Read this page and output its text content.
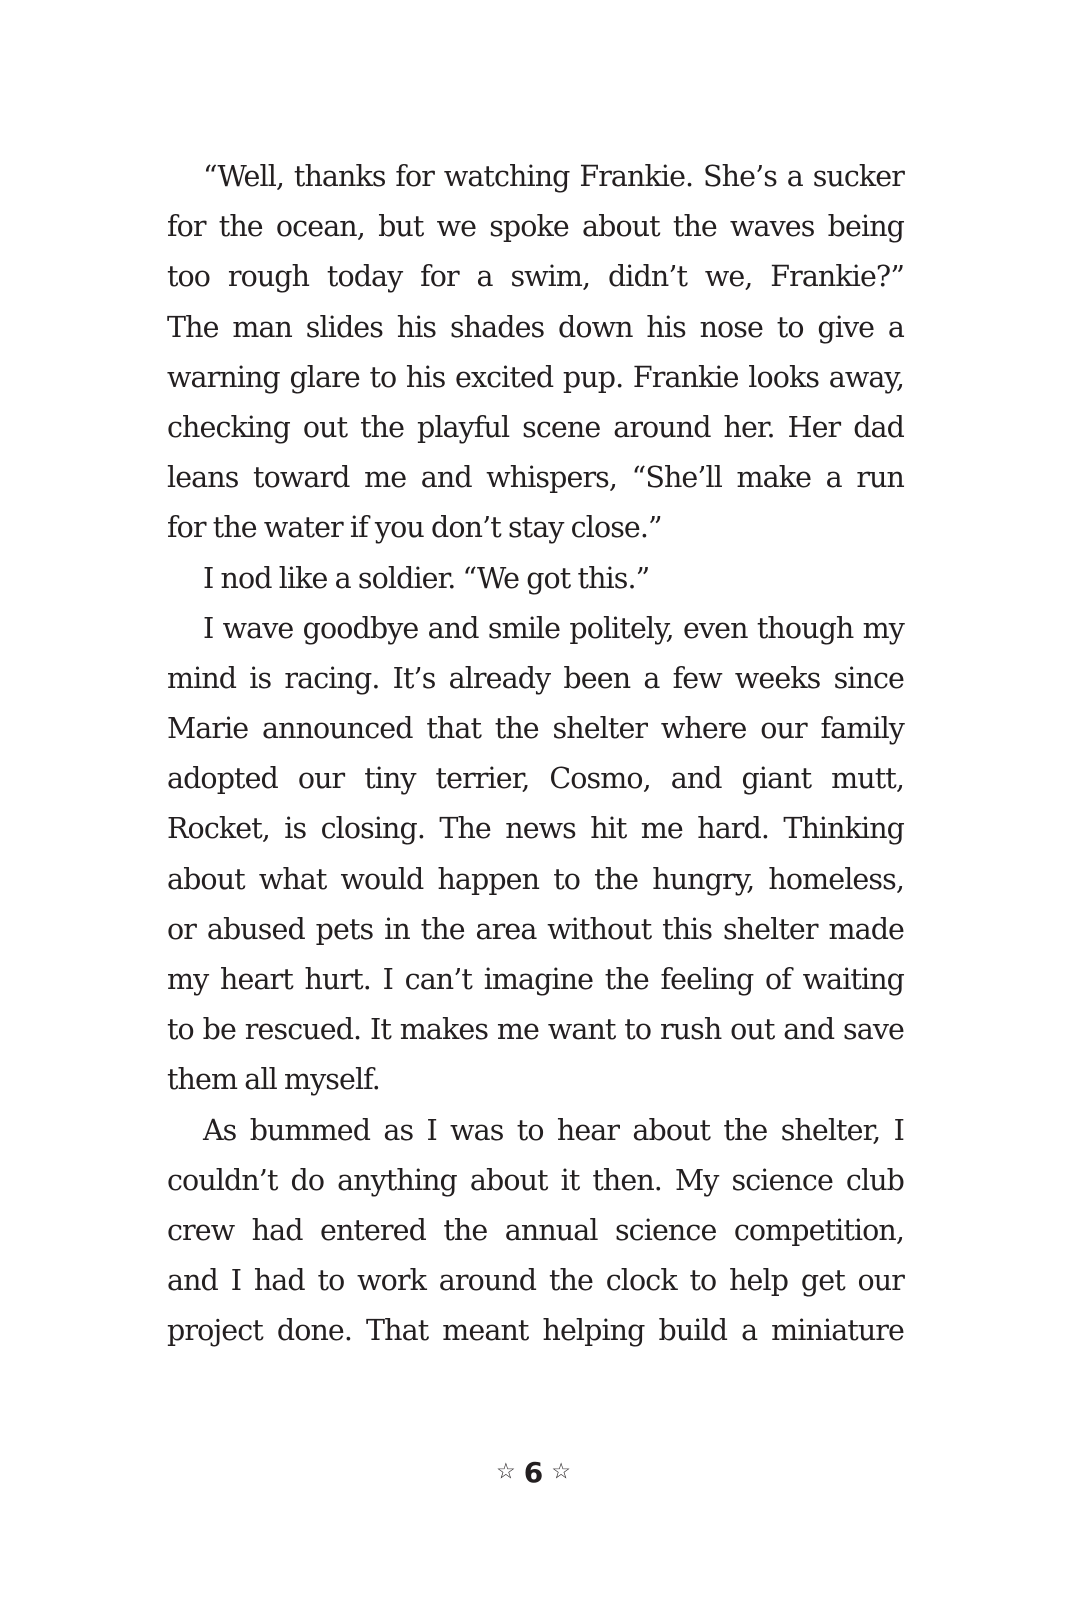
“Well, thanks for watching Frankie. She’s a sucker
for the ocean, but we spoke about the waves being
too rough today for a swim, didn’t we, Frankie?”
The man slides his shades down his nose to give a
warning glare to his excited pup. Frankie looks away,
checking out the playful scene around her. Her dad
leans toward me and whispers, “She’ll make a run
for the water if you don’t stay close.”
I nod like a soldier. “We got this.”
I wave goodbye and smile politely, even though my
mind is racing. It’s already been a few weeks since
Marie announced that the shelter where our family
adopted our tiny terrier, Cosmo, and giant mutt,
Rocket, is closing. The news hit me hard. Thinking
about what would happen to the hungry, homeless,
or abused pets in the area without this shelter made
my heart hurt. I can’t imagine the feeling of waiting
to be rescued. It makes me want to rush out and save
them all myself.
As bummed as I was to hear about the shelter, I
couldn’t do anything about it then. My science club
crew had entered the annual science competition,
and I had to work around the clock to help get our
project done. That meant helping build a miniature
☆ 6 ☆
